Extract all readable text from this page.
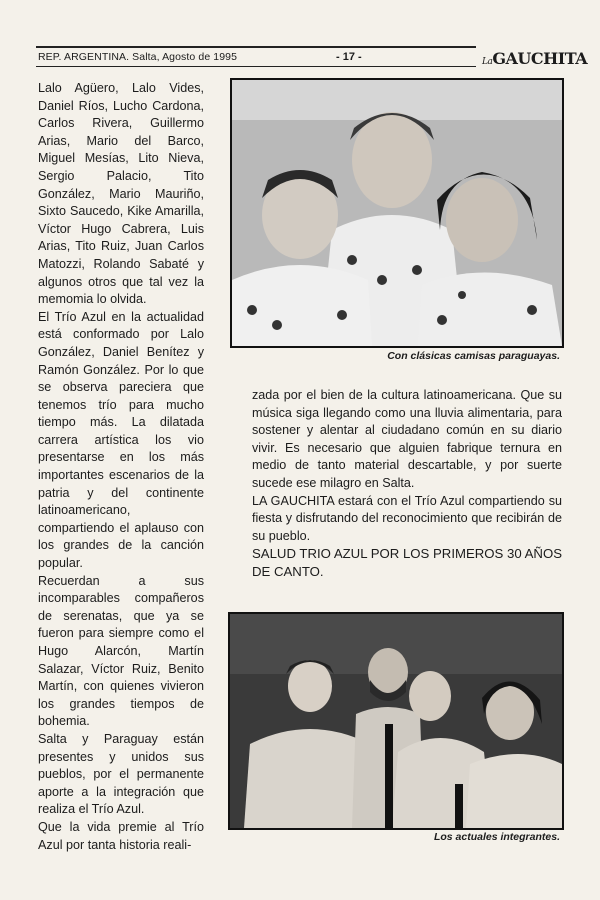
REP. ARGENTINA. Salta, Agosto de 1995	- 17 -	LaGAUCHITA

Lalo Agüero, Lalo Vides, Daniel Ríos, Lucho Cardona, Carlos Rivera, Guillermo Arias, Mario del Barco, Miguel Mesías, Lito Nieva, Sergio Palacio, Tito González, Mario Mauriño, Sixto Saucedo, Kike Amarilla, Víctor Hugo Cabrera, Luis Arias, Tito Ruiz, Juan Carlos Matozzi, Rolando Sabaté y algunos otros que tal vez la memomia lo olvida.

El Trío Azul en la actualidad está conformado por Lalo González, Daniel Benítez y Ramón González. Por lo que se observa pareciera que tenemos trío para mucho tiempo más. La dilatada carrera artística los vio presentarse en los más importantes escenarios de la patria y del continente latinoamericano, compartiendo el aplauso con los grandes de la canción popular.

Recuerdan a sus incomparables compañeros de serenatas, que ya se fueron para siempre como el Hugo Alarcón, Martín Salazar, Víctor Ruiz, Benito Martín, con quienes vivieron los grandes tiempos de bohemia.

Salta y Paraguay están presentes y unidos sus pueblos, por el permanente aporte a la integración que realiza el Trío Azul.

Que la vida premie al Trío Azul por tanta historia reali-

Con clásicas camisas paraguayas.

zada por el bien de la cultura latinoamericana. Que su música siga llegando como una lluvia alimentaria, para sostener y alentar al ciudadano común en su diario vivir. Es necesario que alguien fabrique ternura en medio de tanto material descartable, y por suerte sucede ese milagro en Salta.

LA GAUCHITA estará con el Trío Azul compartiendo su fiesta y disfrutando del reconocimiento que recibirán de su pueblo.

SALUD TRIO AZUL POR LOS PRIMEROS 30 AÑOS DE CANTO.

Los actuales integrantes.
